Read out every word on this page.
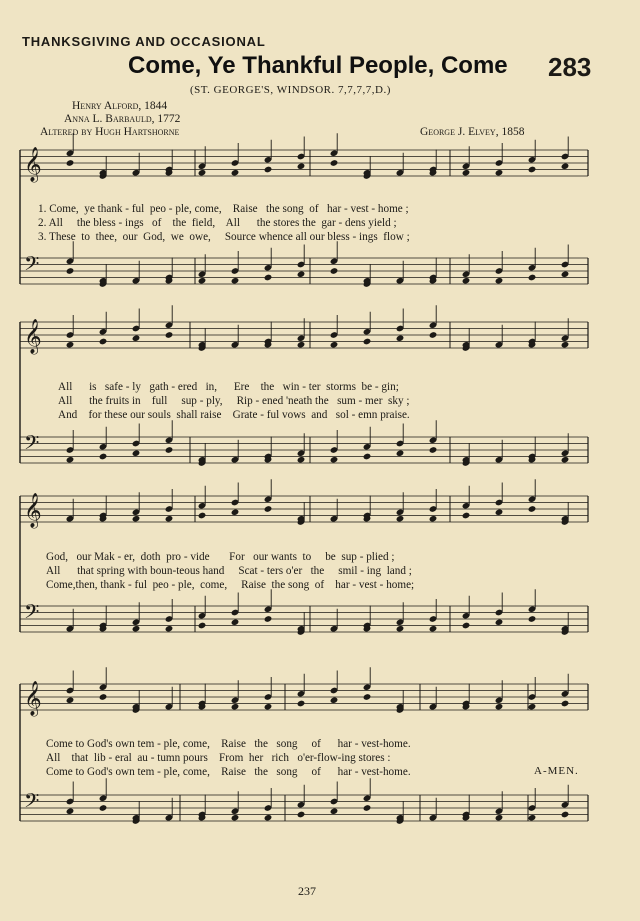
THANKSGIVING AND OCCASIONAL
Come, Ye Thankful People, Come 283
(ST. GEORGE'S, WINDSOR. 7,7,7,7,D.)
Henry Alford, 1844
Anna L. Barbauld, 1772
Altered by Hugh Hartshorne	George J. Elvey, 1858
𝄞
𝄢
𝄞
𝄢
𝄞
𝄢
𝄞
𝄢
1. Come,  ye thank - ful  peo - ple, come,    Raise   the song  of   har - vest - home ;
2. All     the bless - ings   of    the  field,    All      the stores the  gar - dens yield ;
3. These  to  thee,  our  God,  we  owe,     Source whence all our bless - ings  flow ;
All      is   safe - ly   gath - ered   in,      Ere    the   win - ter  storms  be - gin;
All      the fruits in    full     sup - ply,     Rip - ened 'neath the   sum - mer  sky ;
And    for these our souls  shall raise    Grate - ful vows  and   sol - emn praise.
God,   our Mak - er,  doth  pro - vide       For   our wants  to     be  sup - plied ;
All      that spring with boun-teous hand     Scat - ters o'er   the     smil - ing  land ;
Come,then, thank - ful  peo - ple,  come,     Raise  the song  of    har - vest - home;
Come to God's own tem - ple, come,    Raise   the   song     of      har - vest-home.
All    that  lib - eral  au - tumn pours    From  her   rich   o'er-flow-ing stores :
Come to God's own tem - ple, come,    Raise   the   song     of      har - vest-home.	A-MEN.
237
